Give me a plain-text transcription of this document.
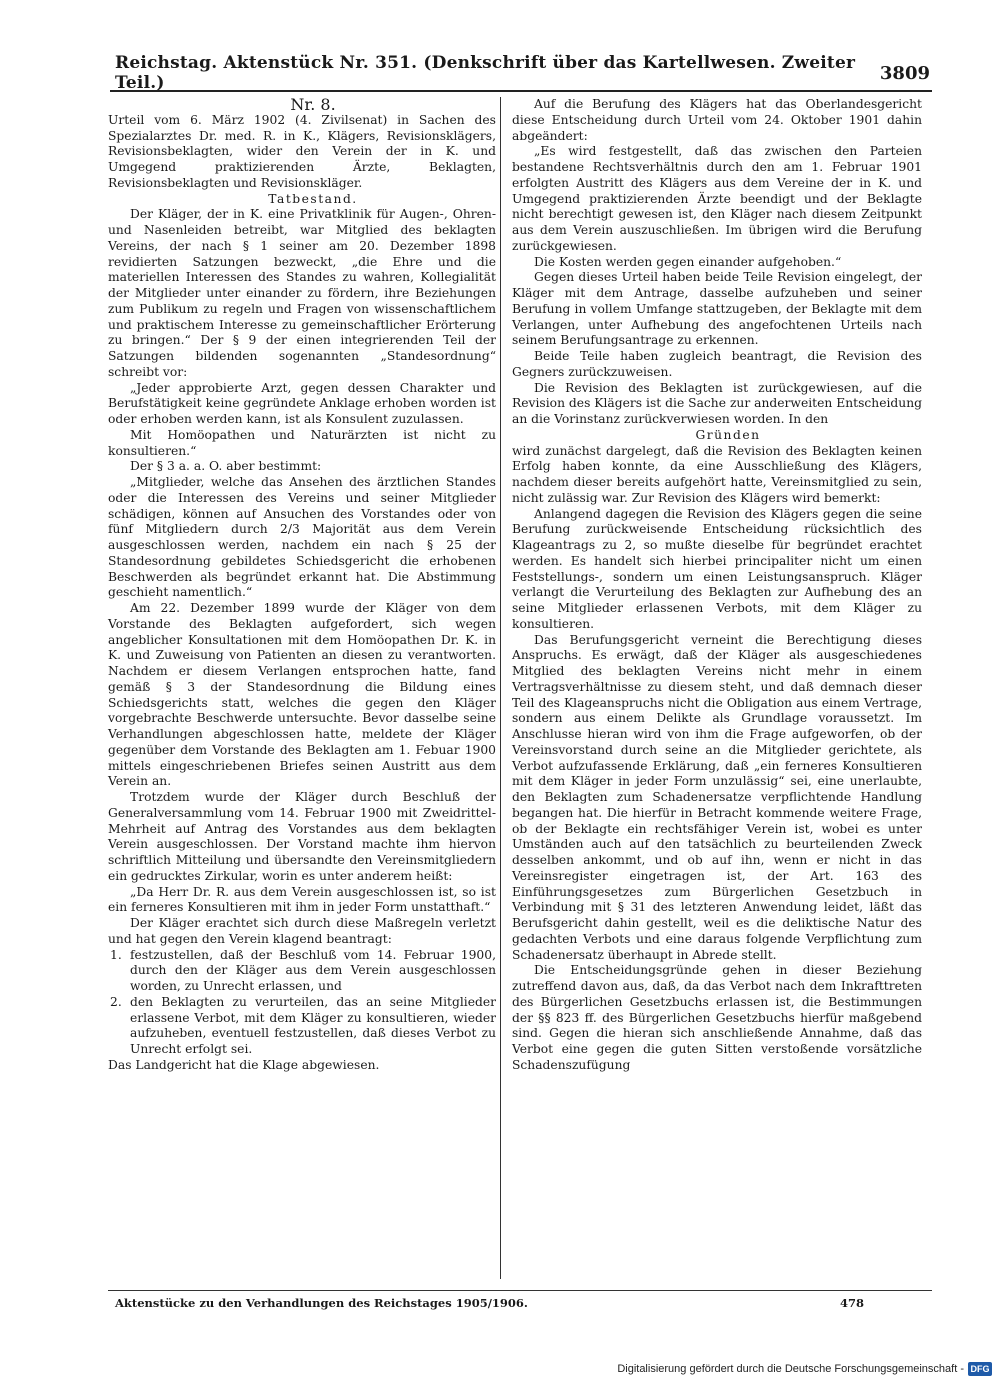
Reichstag. Aktenstück Nr. 351. (Denkschrift über das Kartellwesen. Zweiter Teil.)	3809

Nr. 8.

Urteil vom 6. März 1902 (4. Zivilsenat) in Sachen des Spezialarztes Dr. med. R. in K., Klägers, Revisionsklägers, Revisionsbeklagten, wider den Verein der in K. und Umgegend praktizierenden Ärzte, Beklagten, Revisionsbeklagten und Revisionskläger.

Tatbestand.

Der Kläger, der in K. eine Privatklinik für Augen-, Ohren- und Nasenleiden betreibt, war Mitglied des beklagten Vereins, der nach § 1 seiner am 20. Dezember 1898 revidierten Satzungen bezweckt, „die Ehre und die materiellen Interessen des Standes zu wahren, Kollegialität der Mitglieder unter einander zu fördern, ihre Beziehungen zum Publikum zu regeln und Fragen von wissenschaftlichem und praktischem Interesse zu gemeinschaftlicher Erörterung zu bringen.“ Der § 9 der einen integrierenden Teil der Satzungen bildenden sogenannten „Standesordnung“ schreibt vor:

„Jeder approbierte Arzt, gegen dessen Charakter und Berufstätigkeit keine gegründete Anklage erhoben worden ist oder erhoben werden kann, ist als Konsulent zuzulassen.

Mit Homöopathen und Naturärzten ist nicht zu konsultieren.“

Der § 3 a. a. O. aber bestimmt:

„Mitglieder, welche das Ansehen des ärztlichen Standes oder die Interessen des Vereins und seiner Mitglieder schädigen, können auf Ansuchen des Vorstandes oder von fünf Mitgliedern durch 2/3 Majorität aus dem Verein ausgeschlossen werden, nachdem ein nach § 25 der Standesordnung gebildetes Schiedsgericht die erhobenen Beschwerden als begründet erkannt hat. Die Abstimmung geschieht namentlich.“

Am 22. Dezember 1899 wurde der Kläger von dem Vorstande des Beklagten aufgefordert, sich wegen angeblicher Konsultationen mit dem Homöopathen Dr. K. in K. und Zuweisung von Patienten an diesen zu verantworten. Nachdem er diesem Verlangen entsprochen hatte, fand gemäß § 3 der Standesordnung die Bildung eines Schiedsgerichts statt, welches die gegen den Kläger vorgebrachte Beschwerde untersuchte. Bevor dasselbe seine Verhandlungen abgeschlossen hatte, meldete der Kläger gegenüber dem Vorstande des Beklagten am 1. Febuar 1900 mittels eingeschriebenen Briefes seinen Austritt aus dem Verein an.

Trotzdem wurde der Kläger durch Beschluß der Generalversammlung vom 14. Februar 1900 mit Zweidrittel-Mehrheit auf Antrag des Vorstandes aus dem beklagten Verein ausgeschlossen. Der Vorstand machte ihm hiervon schriftlich Mitteilung und übersandte den Vereinsmitgliedern ein gedrucktes Zirkular, worin es unter anderem heißt:

„Da Herr Dr. R. aus dem Verein ausgeschlossen ist, so ist ein ferneres Konsultieren mit ihm in jeder Form unstatthaft.“

Der Kläger erachtet sich durch diese Maßregeln verletzt und hat gegen den Verein klagend beantragt:

1. festzustellen, daß der Beschluß vom 14. Februar 1900, durch den der Kläger aus dem Verein ausgeschlossen worden, zu Unrecht erlassen, und

2. den Beklagten zu verurteilen, das an seine Mitglieder erlassene Verbot, mit dem Kläger zu konsultieren, wieder aufzuheben, eventuell festzustellen, daß dieses Verbot zu Unrecht erfolgt sei.

Das Landgericht hat die Klage abgewiesen.

Auf die Berufung des Klägers hat das Oberlandesgericht diese Entscheidung durch Urteil vom 24. Oktober 1901 dahin abgeändert:

„Es wird festgestellt, daß das zwischen den Parteien bestandene Rechtsverhältnis durch den am 1. Februar 1901 erfolgten Austritt des Klägers aus dem Vereine der in K. und Umgegend praktizierenden Ärzte beendigt und der Beklagte nicht berechtigt gewesen ist, den Kläger nach diesem Zeitpunkt aus dem Verein auszuschließen. Im übrigen wird die Berufung zurückgewiesen.

Die Kosten werden gegen einander aufgehoben.“

Gegen dieses Urteil haben beide Teile Revision eingelegt, der Kläger mit dem Antrage, dasselbe aufzuheben und seiner Berufung in vollem Umfange stattzugeben, der Beklagte mit dem Verlangen, unter Aufhebung des angefochtenen Urteils nach seinem Berufungsantrage zu erkennen.

Beide Teile haben zugleich beantragt, die Revision des Gegners zurückzuweisen.

Die Revision des Beklagten ist zurückgewiesen, auf die Revision des Klägers ist die Sache zur anderweiten Entscheidung an die Vorinstanz zurückverwiesen worden. In den

Gründen

wird zunächst dargelegt, daß die Revision des Beklagten keinen Erfolg haben konnte, da eine Ausschließung des Klägers, nachdem dieser bereits aufgehört hatte, Vereinsmitglied zu sein, nicht zulässig war. Zur Revision des Klägers wird bemerkt:

Anlangend dagegen die Revision des Klägers gegen die seine Berufung zurückweisende Entscheidung rücksichtlich des Klageantrags zu 2, so mußte dieselbe für begründet erachtet werden. Es handelt sich hierbei principaliter nicht um einen Feststellungs-, sondern um einen Leistungsanspruch. Kläger verlangt die Verurteilung des Beklagten zur Aufhebung des an seine Mitglieder erlassenen Verbots, mit dem Kläger zu konsultieren.

Das Berufungsgericht verneint die Berechtigung dieses Anspruchs. Es erwägt, daß der Kläger als ausgeschiedenes Mitglied des beklagten Vereins nicht mehr in einem Vertragsverhältnisse zu diesem steht, und daß demnach dieser Teil des Klageanspruchs nicht die Obligation aus einem Vertrage, sondern aus einem Delikte als Grundlage voraussetzt. Im Anschlusse hieran wird von ihm die Frage aufgeworfen, ob der Vereinsvorstand durch seine an die Mitglieder gerichtete, als Verbot aufzufassende Erklärung, daß „ein ferneres Konsultieren mit dem Kläger in jeder Form unzulässig“ sei, eine unerlaubte, den Beklagten zum Schadenersatze verpflichtende Handlung begangen hat. Die hierfür in Betracht kommende weitere Frage, ob der Beklagte ein rechtsfähiger Verein ist, wobei es unter Umständen auch auf den tatsächlich zu beurteilenden Zweck desselben ankommt, und ob auf ihn, wenn er nicht in das Vereinsregister eingetragen ist, der Art. 163 des Einführungsgesetzes zum Bürgerlichen Gesetzbuch in Verbindung mit § 31 des letzteren Anwendung leidet, läßt das Berufsgericht dahin gestellt, weil es die deliktische Natur des gedachten Verbots und eine daraus folgende Verpflichtung zum Schadenersatz überhaupt in Abrede stellt.

Die Entscheidungsgründe gehen in dieser Beziehung zutreffend davon aus, daß, da das Verbot nach dem Inkrafttreten des Bürgerlichen Gesetzbuchs erlassen ist, die Bestimmungen der §§ 823 ff. des Bürgerlichen Gesetzbuchs hierfür maßgebend sind. Gegen die hieran sich anschließende Annahme, daß das Verbot eine gegen die guten Sitten verstoßende vorsätzliche Schadenszufügung

Aktenstücke zu den Verhandlungen des Reichstages 1905/1906.	478
Digitalisierung gefördert durch die Deutsche Forschungsgemeinschaft - DFG
